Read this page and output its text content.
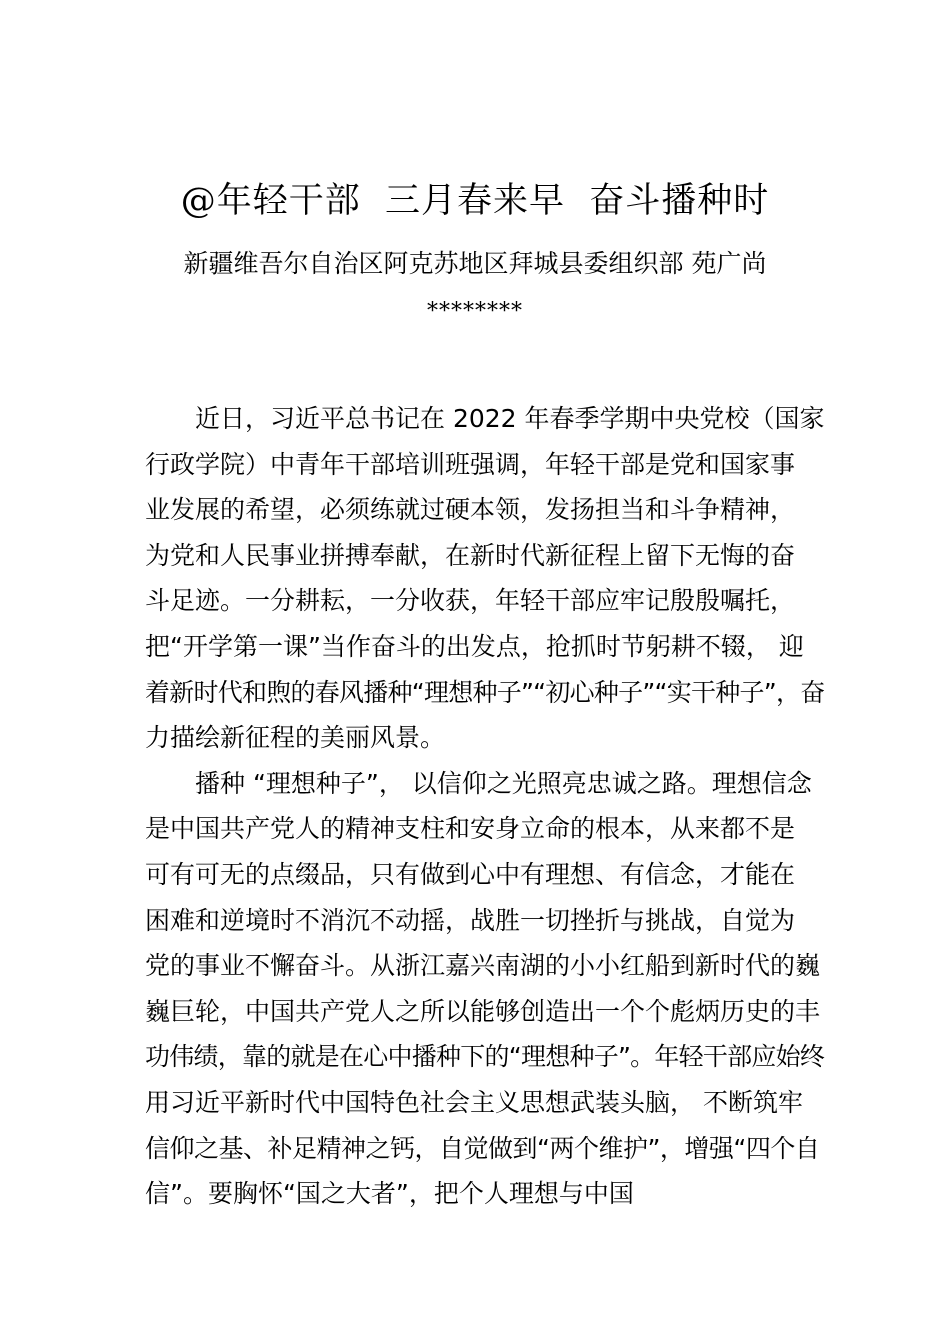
@年轻干部  三月春来早  奋斗播种时
新疆维吾尔自治区阿克苏地区拜城县委组织部 苑广尚
********
近日，习近平总书记在 2022 年春季学期中央党校（国家
行政学院）中青年干部培训班强调，年轻干部是党和国家事
业发展的希望，必须练就过硬本领，发扬担当和斗争精神，
为党和人民事业拼搏奉献，在新时代新征程上留下无悔的奋
斗足迹。一分耕耘，一分收获，年轻干部应牢记殷殷嘱托，
把“开学第一课”当作奋斗的出发点，抢抓时节躬耕不辍， 迎
着新时代和煦的春风播种“理想种子”“初心种子”“实干种子”，奋
力描绘新征程的美丽风景。
播种 “理想种子”， 以信仰之光照亮忠诚之路。理想信念
是中国共产党人的精神支柱和安身立命的根本，从来都不是
可有可无的点缀品，只有做到心中有理想、有信念，才能在
困难和逆境时不消沉不动摇，战胜一切挫折与挑战，自觉为
党的事业不懈奋斗。从浙江嘉兴南湖的小小红船到新时代的巍
巍巨轮，中国共产党人之所以能够创造出一个个彪炳历史的丰
功伟绩，靠的就是在心中播种下的“理想种子”。年轻干部应始终
用习近平新时代中国特色社会主义思想武装头脑， 不断筑牢
信仰之基、补足精神之钙，自觉做到“两个维护”，增强“四个自
信”。要胸怀“国之大者”，把个人理想与中国
